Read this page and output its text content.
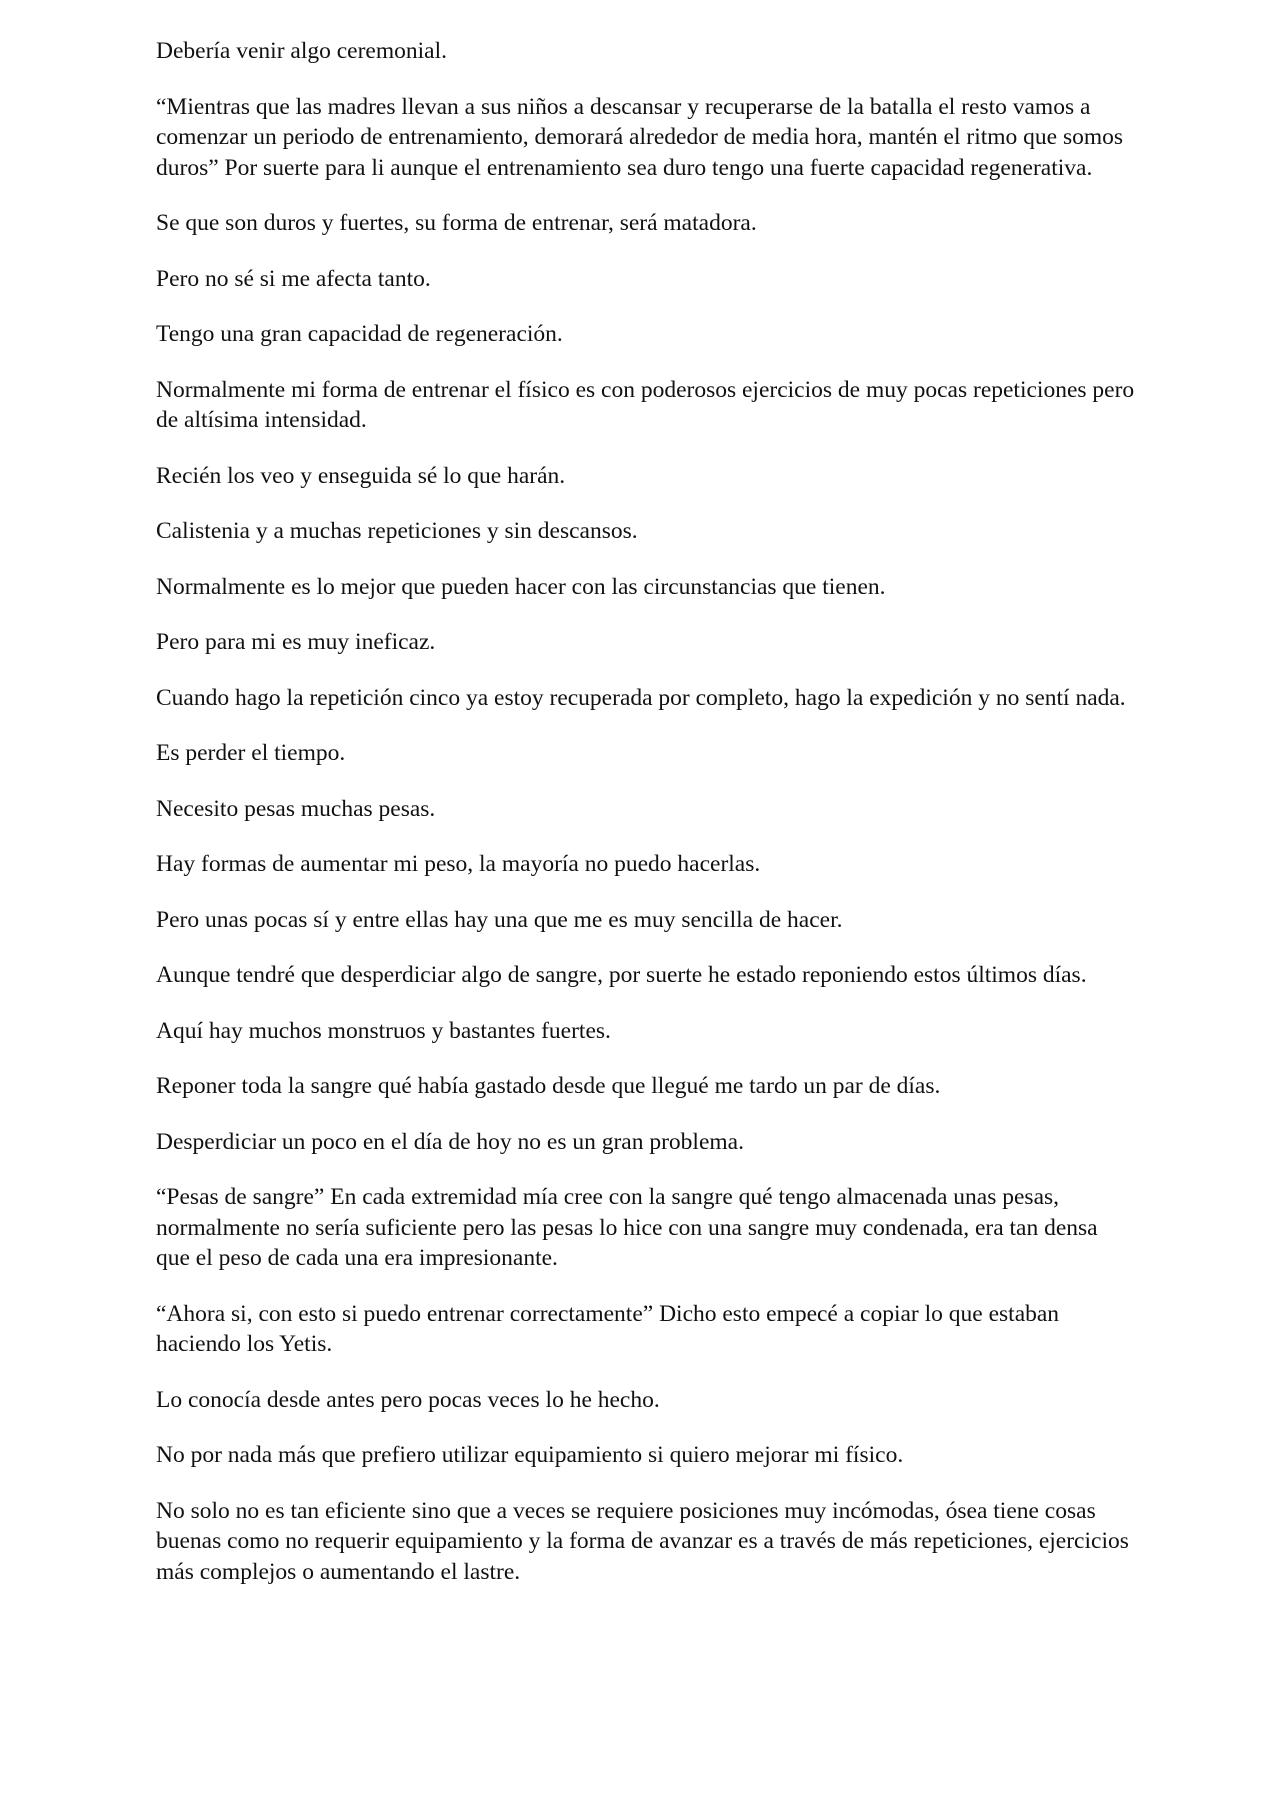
Debería venir algo ceremonial.

“Mientras que las madres llevan a sus niños a descansar y recuperarse de la batalla el resto vamos a comenzar un periodo de entrenamiento, demorará alrededor de media hora, mantén el ritmo que somos duros” Por suerte para li aunque el entrenamiento sea duro tengo una fuerte capacidad regenerativa.

Se que son duros y fuertes, su forma de entrenar, será matadora.

Pero no sé si me afecta tanto.

Tengo una gran capacidad de regeneración.

Normalmente mi forma de entrenar el físico es con poderosos ejercicios de muy pocas repeticiones pero de altísima intensidad.

Recién los veo y enseguida sé lo que harán.

Calistenia y a muchas repeticiones y sin descansos.

Normalmente es lo mejor que pueden hacer con las circunstancias que tienen.

Pero para mi es muy ineficaz.

Cuando hago la repetición cinco ya estoy recuperada por completo, hago la expedición y no sentí nada.

Es perder el tiempo.

Necesito pesas muchas pesas.

Hay formas de aumentar mi peso, la mayoría no puedo hacerlas.

Pero unas pocas sí y entre ellas hay una que me es muy sencilla de hacer.

Aunque tendré que desperdiciar algo de sangre, por suerte he estado reponiendo estos últimos días.

Aquí hay muchos monstruos y bastantes fuertes.

Reponer toda la sangre qué había gastado desde que llegué me tardo un par de días.

Desperdiciar un poco en el día de hoy no es un gran problema.

“Pesas de sangre” En cada extremidad mía cree con la sangre qué tengo almacenada unas pesas, normalmente no sería suficiente pero las pesas lo hice con una sangre muy condenada, era tan densa que el peso de cada una era impresionante.

“Ahora si, con esto si puedo entrenar correctamente” Dicho esto empecé a copiar lo que estaban haciendo los Yetis.

Lo conocía desde antes pero pocas veces lo he hecho.

No por nada más que prefiero utilizar equipamiento si quiero mejorar mi físico.

No solo no es tan eficiente sino que a veces se requiere posiciones muy incómodas, ósea tiene cosas buenas como no requerir equipamiento y la forma de avanzar es a través de más repeticiones, ejercicios más complejos o aumentando el lastre.
